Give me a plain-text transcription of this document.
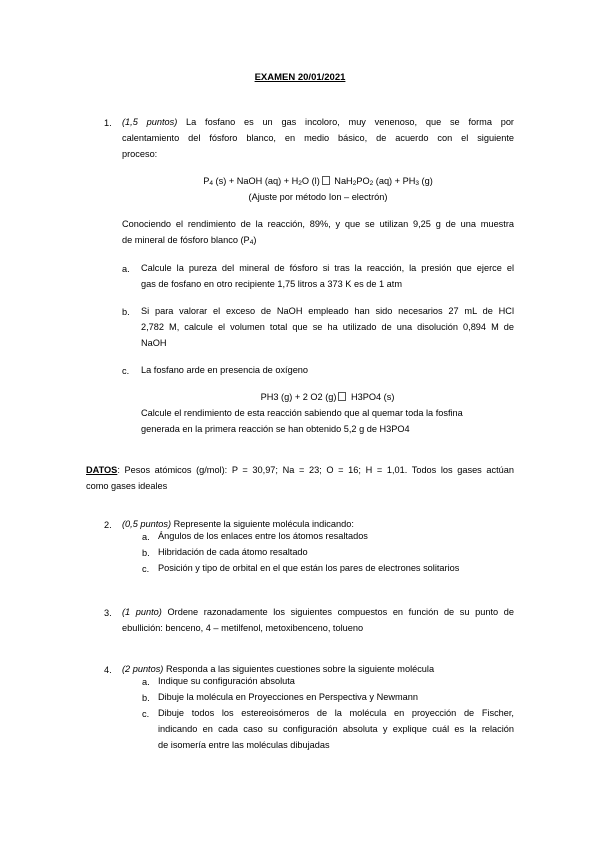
EXAMEN 20/01/2021
1. (1,5 puntos) La fosfano es un gas incoloro, muy venenoso, que se forma por
calentamiento del fósforo blanco, en medio básico, de acuerdo con el siguiente
proceso:
P4 (s) + NaOH (aq) + H2O (l) NaH2PO2 (aq) + PH3 (g)
(Ajuste por método Ion – electrón)
Conociendo el rendimiento de la reacción, 89%, y que se utilizan 9,25 g de una muestra
de mineral de fósforo blanco (P4)
a. Calcule la pureza del mineral de fósforo si tras la reacción, la presión que ejerce el
gas de fosfano en otro recipiente 1,75 litros a 373 K es de 1 atm
b. Si para valorar el exceso de NaOH empleado han sido necesarios 27 mL de HCl
2,782 M, calcule el volumen total que se ha utilizado de una disolución 0,894 M de
NaOH
c. La fosfano arde en presencia de oxígeno
PH3 (g) + 2 O2 (g) H3PO4 (s)
Calcule el rendimiento de esta reacción sabiendo que al quemar toda la fosfina
generada en la primera reacción se han obtenido 5,2 g de H3PO4
DATOS: Pesos atómicos (g/mol): P = 30,97; Na = 23; O = 16; H = 1,01. Todos los gases actúan
como gases ideales
2. (0,5 puntos) Represente la siguiente molécula indicando:
a. Ángulos de los enlaces entre los átomos resaltados
b. Hibridación de cada átomo resaltado
c. Posición y tipo de orbital en el que están los pares de electrones solitarios
3. (1 punto) Ordene razonadamente los siguientes compuestos en función de su punto de
ebullición: benceno, 4 – metilfenol, metoxibenceno, tolueno
4. (2 puntos) Responda a las siguientes cuestiones sobre la siguiente molécula
a. Indique su configuración absoluta
b. Dibuje la molécula en Proyecciones en Perspectiva y Newmann
c. Dibuje todos los estereoisómeros de la molécula en proyección de Fischer,
indicando en cada caso su configuración absoluta y explique cuál es la relación
de isomería entre las moléculas dibujadas
